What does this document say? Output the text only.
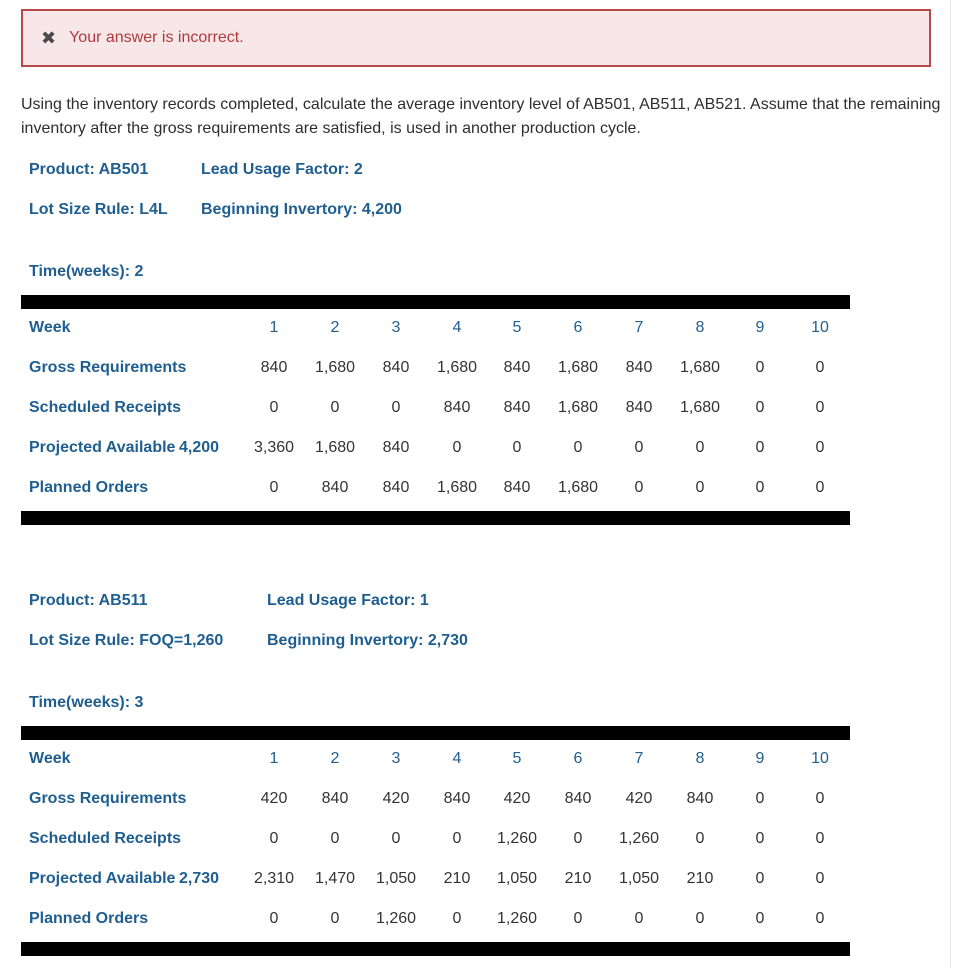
✖ Your answer is incorrect.
Using the inventory records completed, calculate the average inventory level of AB501, AB511, AB521. Assume that the remaining inventory after the gross requirements are satisfied, is used in another production cycle.
Product: AB501	Lead Usage Factor: 2
Lot Size Rule: L4L Beginning Invertory: 4,200
Time(weeks): 2
Week	1	2	3	4	5	6	7	8	9	10
Gross Requirements	840	1,680	840	1,680	840	1,680	840	1,680	0	0
Scheduled Receipts	0	0	0	840	840	1,680	840	1,680	0	0
Projected Available 4,200	3,360	1,680	840	0	0	0	0	0	0	0
Planned Orders	0	840	840	1,680	840	1,680	0	0	0	0
Product: AB511	Lead Usage Factor: 1
Lot Size Rule: FOQ=1,260	Beginning Invertory: 2,730
Time(weeks): 3
Week	1	2	3	4	5	6	7	8	9	10
Gross Requirements	420	840	420	840	420	840	420	840	0	0
Scheduled Receipts	0	0	0	0	1,260	0	1,260	0	0	0
Projected Available 2,730	2,310	1,470	1,050	210	1,050	210	1,050	210	0	0
Planned Orders	0	0	1,260	0	1,260	0	0	0	0	0
